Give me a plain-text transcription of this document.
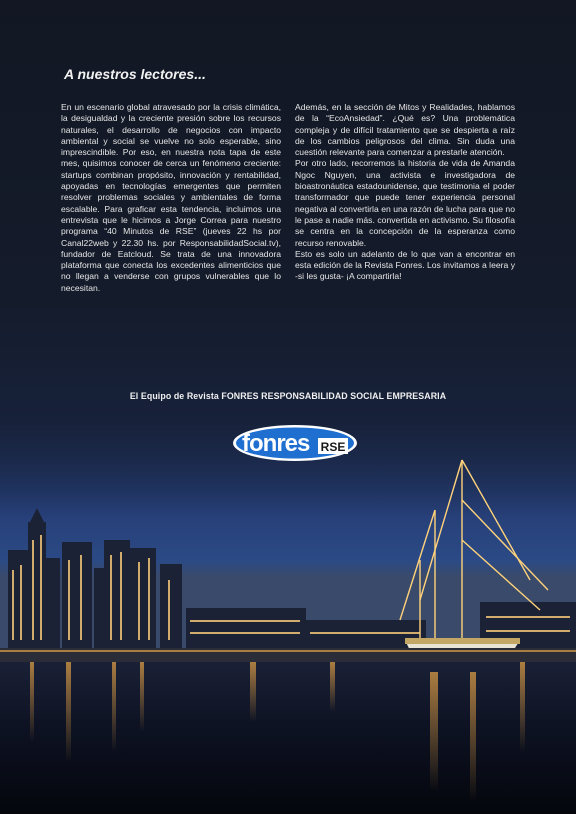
A nuestros lectores...

En un escenario global atravesado por la crisis climática, la desigualdad y la creciente presión sobre los recursos naturales, el desarrollo de negocios con impacto ambiental y social se vuelve no solo esperable, sino imprescindible. Por eso, en nuestra nota tapa de este mes, quisimos conocer de cerca un fenómeno creciente: startups combinan propósito, innovación y rentabilidad, apoyadas en tecnologías emergentes que permiten resolver problemas sociales y ambientales de forma escalable. Para graficar esta tendencia, incluimos una entrevista que le hicimos a Jorge Correa para nuestro programa “40 Minutos de RSE” (jueves 22 hs por Canal22web y 22.30 hs. por ResponsabilidadSocial.tv), fundador de Eatcloud. Se trata de una innovadora plataforma que conecta los excedentes alimenticios que no llegan a venderse con grupos vulnerables que lo necesitan.

Además, en la sección de Mitos y Realidades, hablamos de la “EcoAnsiedad”. ¿Qué es? Una problemática compleja y de difícil tratamiento que se despierta a raíz de los cambios peligrosos del clima. Sin duda una cuestión relevante para comenzar a prestarle atención.

Por otro lado, recorremos la historia de vida de Amanda Ngoc Nguyen, una activista e investigadora de bioastronáutica estadounidense, que testimonia el poder transformador que puede tener experiencia personal negativa al convertirla en una razón de lucha para que no le pase a nadie más. convertida en activismo. Su filosofía se centra en la concepción de la esperanza como recurso renovable.

Esto es solo un adelanto de lo que van a encontrar en esta edición de la Revista Fonres. Los invitamos a leera y -si les gusta- ¡A compartirla!

El Equipo de Revista FONRES RESPONSABILIDAD SOCIAL EMPRESARIA
fonres RSE
